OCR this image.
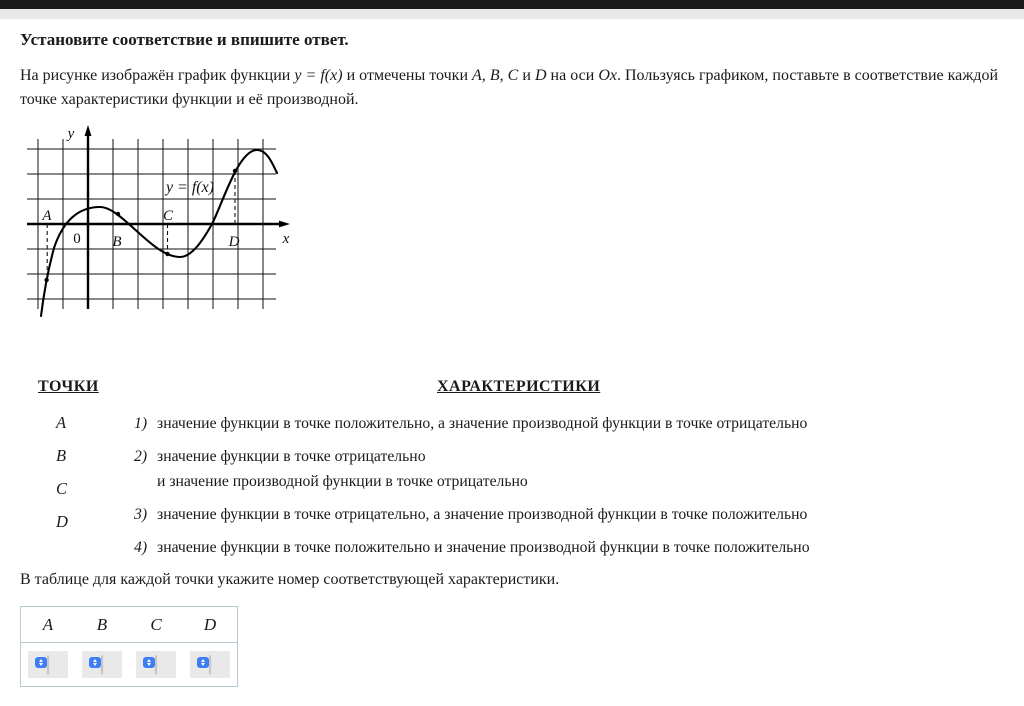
Установите соответствие и впишите ответ.

На рисунке изображён график функции y = f(x) и отмечены точки A, B, C и D на оси Ox. Пользуясь графиком, поставьте в соответствие каждой точке характеристики функции и её производной.

y
x
0
y = f(x)
A
B
C
D
ТОЧКИ	ХАРАКТЕРИСТИКИ
A
B
C
D
1) значение функции в точке положительно, а значение производной функции в точке отрицательно
2) значение функции в точке отрицательно
и значение производной функции в точке отрицательно
3) значение функции в точке отрицательно, а значение производной функции в точке положительно
4) значение функции в точке положительно и значение производной функции в точке положительно

В таблице для каждой точки укажите номер соответствующей характеристики.

A	B	C	D
